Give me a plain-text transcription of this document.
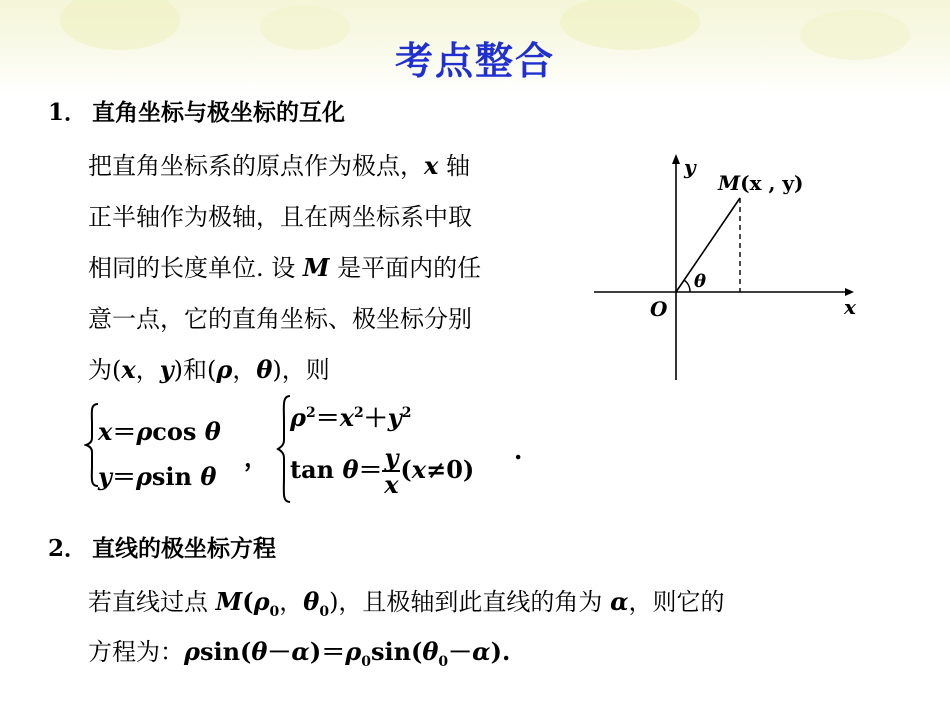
考点整合
1． 直角坐标与极坐标的互化
把直角坐标系的原点作为极点，x 轴
正半轴作为极轴，且在两坐标系中取
相同的长度单位. 设 M 是平面内的任
意一点，它的直角坐标、极坐标分别
为(x，y)和(ρ，θ)，则
x＝ρcos θ
y＝ρsin θ
，
$\rho^2=x^2+y^2$
$\tan \theta= \frac{y}{x} (x\ne 0)$
.
y
x
O
M(x , y)
θ
2． 直线的极坐标方程
若直线过点 $M(\rho_0$，$\theta_0$)，且极轴到此直线的角为 α，则它的
方程为：$\rho\sin(\theta-\alpha)=\rho_0\sin(\theta_0-\alpha)$.
